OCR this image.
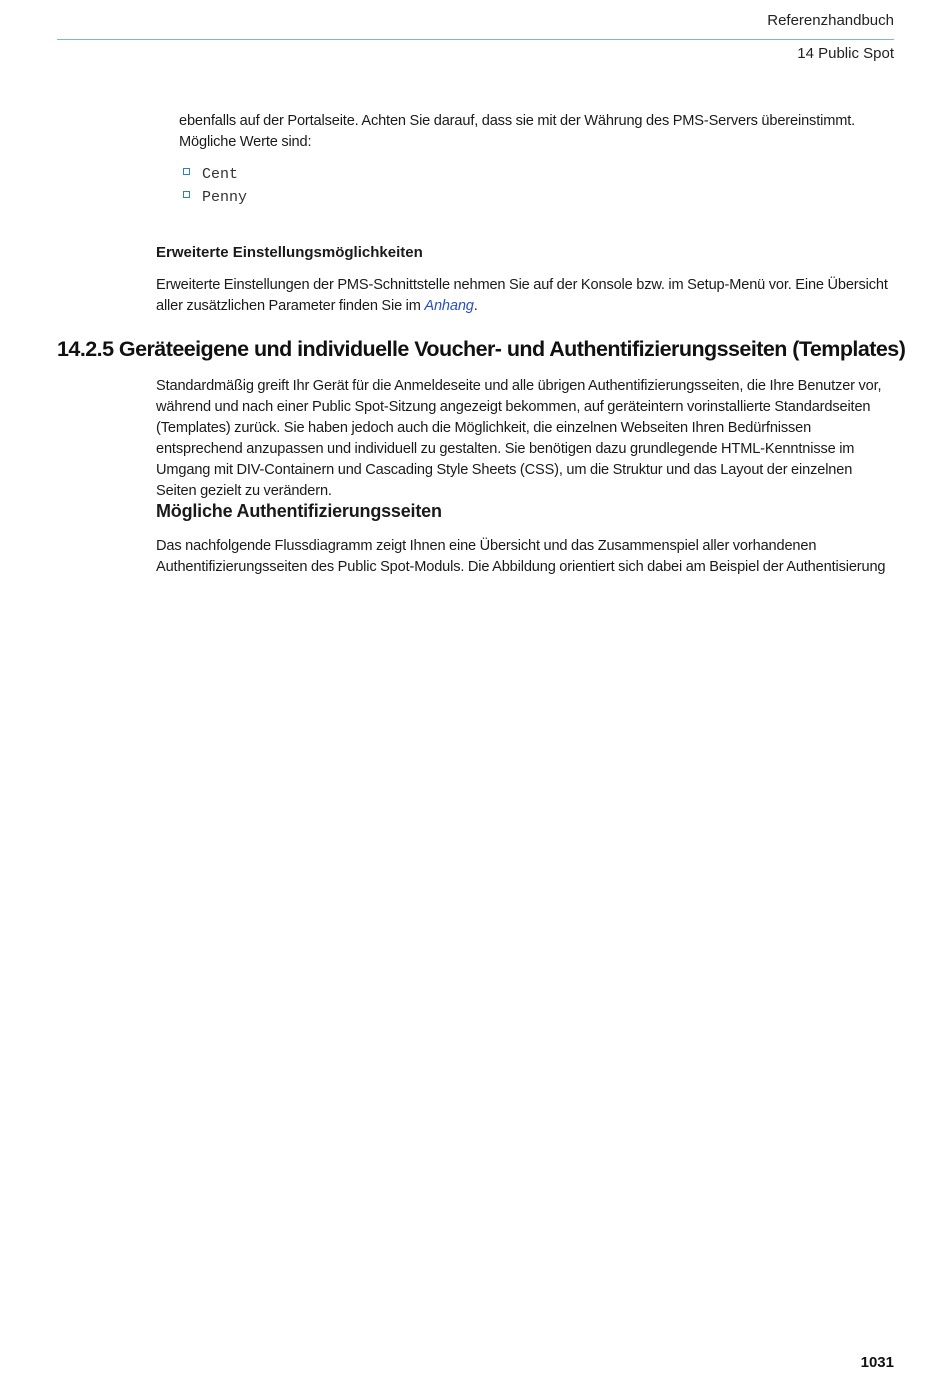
Referenzhandbuch
14 Public Spot
ebenfalls auf der Portalseite. Achten Sie darauf, dass sie mit der Währung des PMS-Servers übereinstimmt. Mögliche Werte sind:
Cent
Penny
Erweiterte Einstellungsmöglichkeiten
Erweiterte Einstellungen der PMS-Schnittstelle nehmen Sie auf der Konsole bzw. im Setup-Menü vor. Eine Übersicht aller zusätzlichen Parameter finden Sie im Anhang.
14.2.5 Geräteeigene und individuelle Voucher- und Authentifizierungsseiten (Templates)
Standardmäßig greift Ihr Gerät für die Anmeldeseite und alle übrigen Authentifizierungsseiten, die Ihre Benutzer vor, während und nach einer Public Spot-Sitzung angezeigt bekommen, auf geräteintern vorinstallierte Standardseiten (Templates) zurück. Sie haben jedoch auch die Möglichkeit, die einzelnen Webseiten Ihren Bedürfnissen entsprechend anzupassen und individuell zu gestalten. Sie benötigen dazu grundlegende HTML-Kenntnisse im Umgang mit DIV-Containern und Cascading Style Sheets (CSS), um die Struktur und das Layout der einzelnen Seiten gezielt zu verändern.
Mögliche Authentifizierungsseiten
Das nachfolgende Flussdiagramm zeigt Ihnen eine Übersicht und das Zusammenspiel aller vorhandenen Authentifizierungsseiten des Public Spot-Moduls. Die Abbildung orientiert sich dabei am Beispiel der Authentisierung
1031
